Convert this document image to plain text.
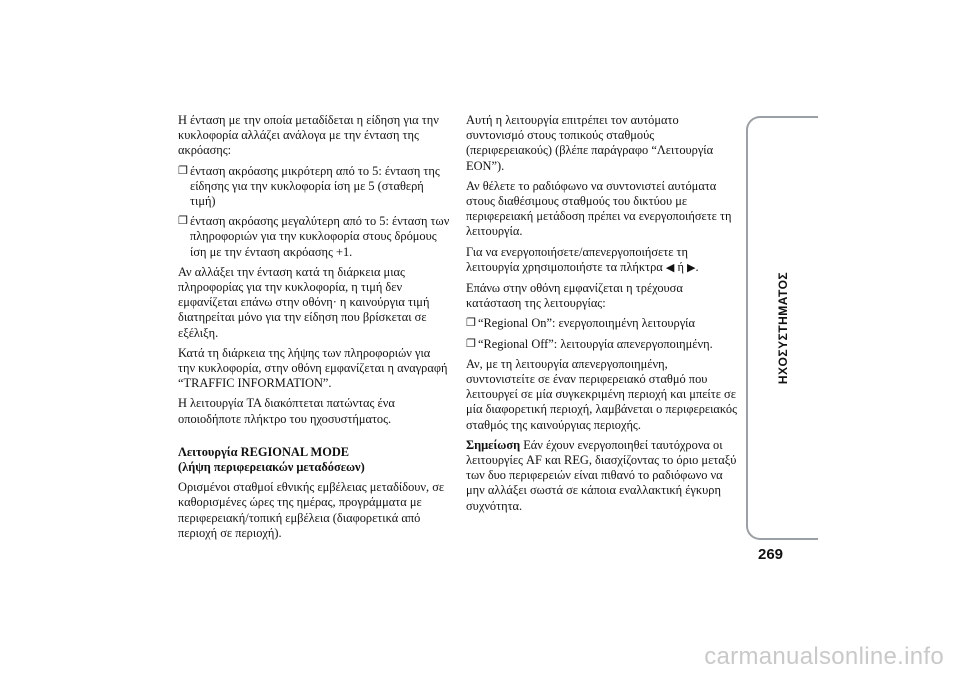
Η ένταση με την οποία μεταδίδεται η είδηση για την κυκλοφορία αλλάζει ανάλογα με την ένταση της ακρόασης:

❐ ένταση ακρόασης μικρότερη από το 5: ένταση της είδησης για την κυκλοφορία ίση με 5 (σταθερή τιμή)
❐ ένταση ακρόασης μεγαλύτερη από το 5: ένταση των πληροφοριών για την κυκλοφορία στους δρόμους ίση με την ένταση ακρόασης +1.

Αν αλλάξει την ένταση κατά τη διάρκεια μιας πληροφορίας για την κυκλοφορία, η τιμή δεν εμφανίζεται επάνω στην οθόνη· η καινούργια τιμή διατηρείται μόνο για την είδηση που βρίσκεται σε εξέλιξη.

Κατά τη διάρκεια της λήψης των πληροφοριών για την κυκλοφορία, στην οθόνη εμφανίζεται η αναγραφή “TRAFFIC INFORMATION”.

Η λειτουργία TA διακόπτεται πατώντας ένα οποιοδήποτε πλήκτρο του ηχοσυστήματος.

Λειτουργία REGIONAL MODE
(λήψη περιφερειακών μεταδόσεων)

Ορισμένοι σταθμοί εθνικής εμβέλειας μεταδίδουν, σε καθορισμένες ώρες της ημέρας, προγράμματα με περιφερειακή/τοπική εμβέλεια (διαφορετικά από περιοχή σε περιοχή).

Αυτή η λειτουργία επιτρέπει τον αυτόματο συντονισμό στους τοπικούς σταθμούς (περιφερειακούς) (βλέπε παράγραφο “Λειτουργία EON”).

Αν θέλετε το ραδιόφωνο να συντονιστεί αυτόματα στους διαθέσιμους σταθμούς του δικτύου με περιφερειακή μετάδοση πρέπει να ενεργοποιήσετε τη λειτουργία.

Για να ενεργοποιήσετε/απενεργοποιήσετε τη λειτουργία χρησιμοποιήστε τα πλήκτρα ◀ ή ▶.

Επάνω στην οθόνη εμφανίζεται η τρέχουσα κατάσταση της λειτουργίας:

❐ “Regional On”: ενεργοποιημένη λειτουργία
❐ “Regional Off”: λειτουργία απενεργοποιημένη.

Αν, με τη λειτουργία απενεργοποιημένη, συντονιστείτε σε έναν περιφερειακό σταθμό που λειτουργεί σε μία συγκεκριμένη περιοχή και μπείτε σε μία διαφορετική περιοχή, λαμβάνεται ο περιφερειακός σταθμός της καινούργιας περιοχής.

Σημείωση Εάν έχουν ενεργοποιηθεί ταυτόχρονα οι λειτουργίες AF και REG, διασχίζοντας το όριο μεταξύ των δυο περιφερειών είναι πιθανό το ραδιόφωνο να μην αλλάξει σωστά σε κάποια εναλλακτική έγκυρη συχνότητα.

ΗΧΟΣΥΣΤΗΜΑΤΟΣ
269
carmanualsonline.info
